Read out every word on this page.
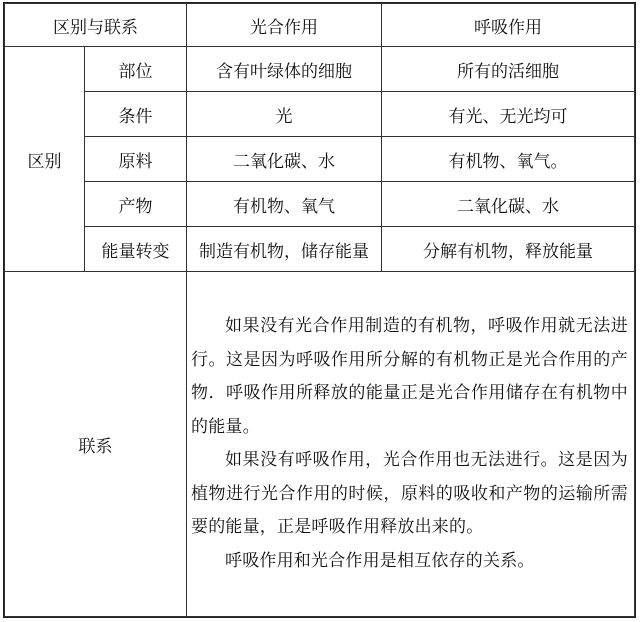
区别与联系		光合作用	呼吸作用
区别	部位	含有叶绿体的细胞	所有的活细胞
	条件	光	有光、无光均可
	原料	二氧化碳、水	有机物、氧气。
	产物	有机物、氧气	二氧化碳、水
	能量转变	制造有机物，储存能量	分解有机物，释放能量
联系		如果没有光合作用制造的有机物，呼吸作用就无法进行。这是因为呼吸作用所分解的有机物正是光合作用的产物．呼吸作用所释放的能量正是光合作用储存在有机物中的能量。

如果没有呼吸作用，光合作用也无法进行。这是因为植物进行光合作用的时候，原料的吸收和产物的运输所需要的能量，正是呼吸作用释放出来的。

呼吸作用和光合作用是相互依存的关系。	
